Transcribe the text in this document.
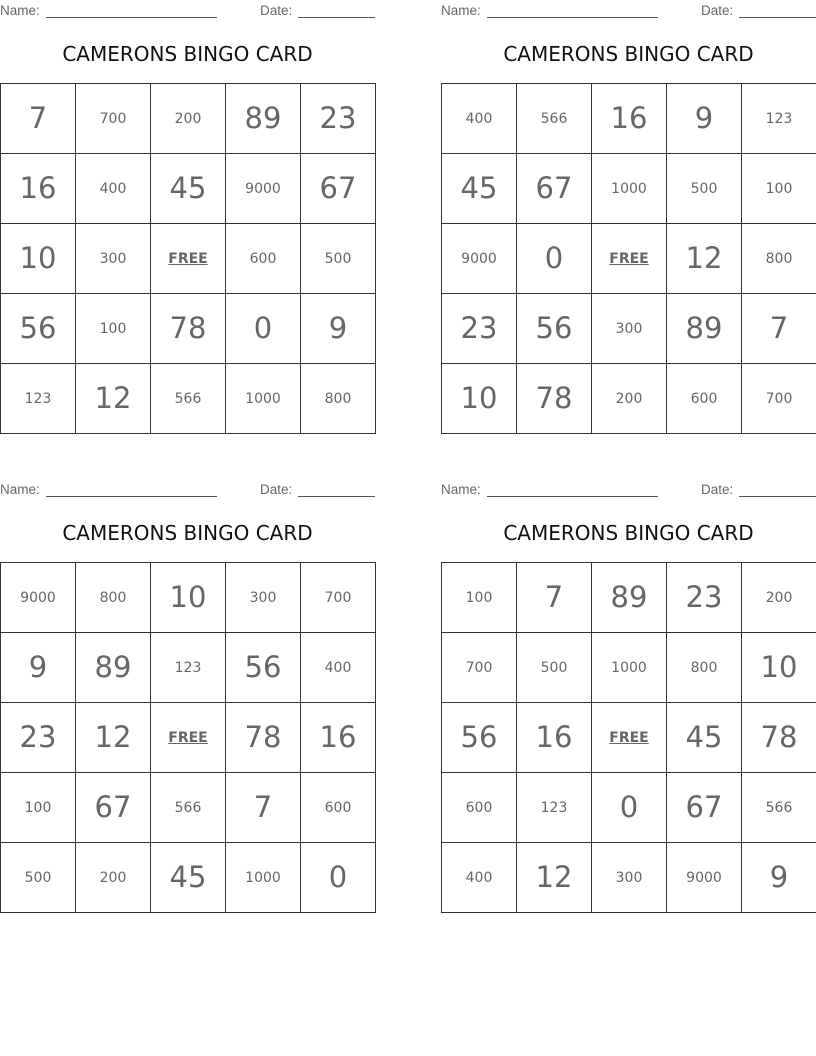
Name:	Date:
CAMERONS BINGO CARD
7	700	200	89	23
16	400	45	9000	67
10	300	FREE	600	500
56	100	78	0	9
123	12	566	1000	800
Name:	Date:
CAMERONS BINGO CARD
400	566	16	9	123
45	67	1000	500	100
9000	0	FREE	12	800
23	56	300	89	7
10	78	200	600	700
Name:	Date:
CAMERONS BINGO CARD
9000	800	10	300	700
9	89	123	56	400
23	12	FREE	78	16
100	67	566	7	600
500	200	45	1000	0
Name:	Date:
CAMERONS BINGO CARD
100	7	89	23	200
700	500	1000	800	10
56	16	FREE	45	78
600	123	0	67	566
400	12	300	9000	9
